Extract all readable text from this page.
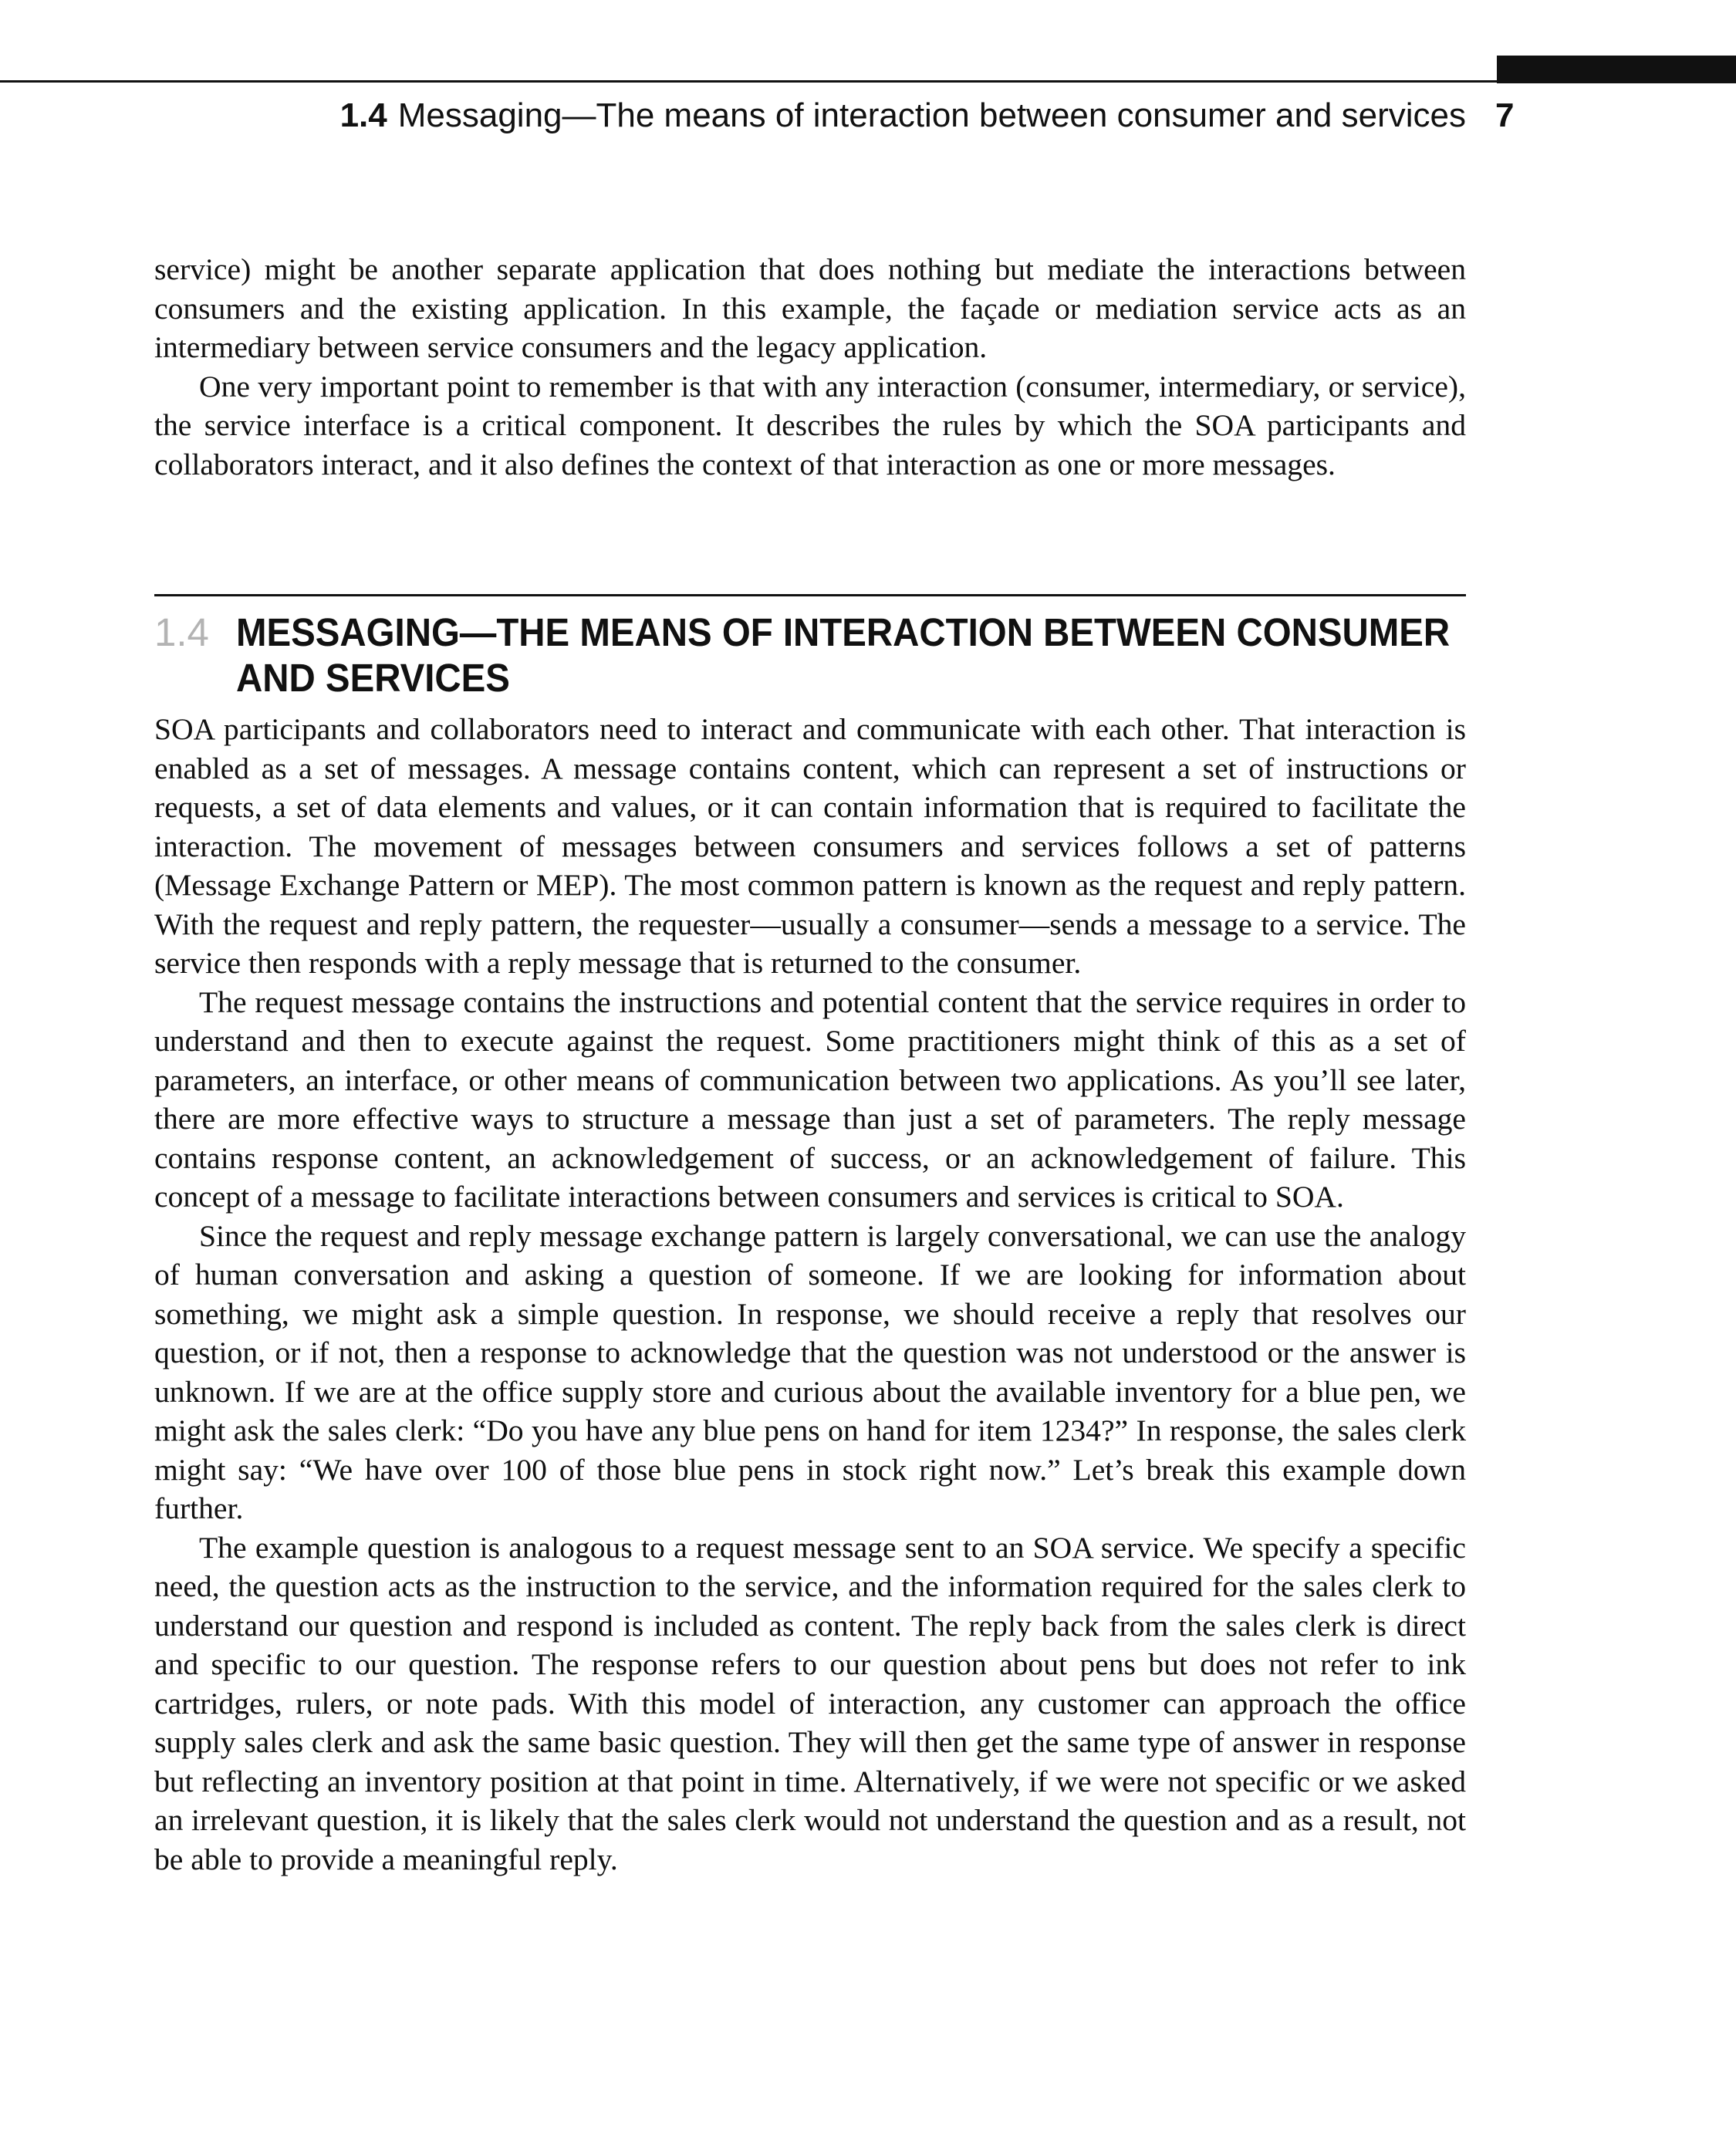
1.4 Messaging—The means of interaction between consumer and services 7

service) might be another separate application that does nothing but mediate the interactions between consumers and the existing application. In this example, the façade or mediation service acts as an intermediary between service consumers and the legacy application.

One very important point to remember is that with any interaction (consumer, intermediary, or service), the service interface is a critical component. It describes the rules by which the SOA participants and collaborators interact, and it also defines the context of that interaction as one or more messages.

1.4 MESSAGING—THE MEANS OF INTERACTION BETWEEN CONSUMER AND SERVICES

SOA participants and collaborators need to interact and communicate with each other. That interaction is enabled as a set of messages. A message contains content, which can represent a set of instructions or requests, a set of data elements and values, or it can contain information that is required to facilitate the interaction. The movement of messages between consumers and services follows a set of patterns (Message Exchange Pattern or MEP). The most common pattern is known as the request and reply pattern. With the request and reply pattern, the requester—usually a consumer—sends a message to a service. The service then responds with a reply message that is returned to the consumer.

The request message contains the instructions and potential content that the service requires in order to understand and then to execute against the request. Some practitioners might think of this as a set of parameters, an interface, or other means of communication between two applications. As you’ll see later, there are more effective ways to structure a message than just a set of parameters. The reply message contains response content, an acknowledgement of success, or an acknowledgement of failure. This concept of a message to facilitate interactions between consumers and services is critical to SOA.

Since the request and reply message exchange pattern is largely conversational, we can use the analogy of human conversation and asking a question of someone. If we are looking for information about something, we might ask a simple question. In response, we should receive a reply that resolves our question, or if not, then a response to acknowledge that the question was not understood or the answer is unknown. If we are at the office supply store and curious about the available inventory for a blue pen, we might ask the sales clerk: “Do you have any blue pens on hand for item 1234?” In response, the sales clerk might say: “We have over 100 of those blue pens in stock right now.” Let’s break this example down further.

The example question is analogous to a request message sent to an SOA service. We specify a specific need, the question acts as the instruction to the service, and the information required for the sales clerk to understand our question and respond is included as content. The reply back from the sales clerk is direct and specific to our question. The response refers to our question about pens but does not refer to ink cartridges, rulers, or note pads. With this model of interaction, any customer can approach the office supply sales clerk and ask the same basic question. They will then get the same type of answer in response but reflecting an inventory position at that point in time. Alternatively, if we were not specific or we asked an irrelevant question, it is likely that the sales clerk would not understand the question and as a result, not be able to provide a meaningful reply.
